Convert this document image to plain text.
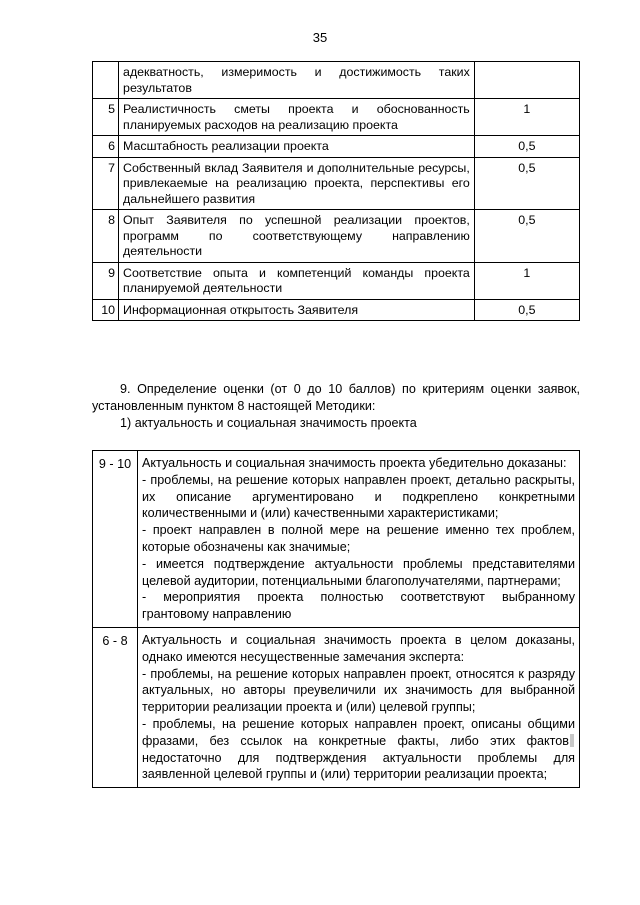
35
	адекватность, измеримость и достижимость таких результатов	
5	Реалистичность сметы проекта и обоснованность планируемых расходов на реализацию проекта	1
6	Масштабность реализации проекта	0,5
7	Собственный вклад Заявителя и дополнительные ресурсы, привлекаемые на реализацию проекта, перспективы его дальнейшего развития	0,5
8	Опыт Заявителя по успешной реализации проектов, программ по соответствующему направлению деятельности	0,5
9	Соответствие опыта и компетенций команды проекта планируемой деятельности	1
10	Информационная открытость Заявителя	0,5
9. Определение оценки (от 0 до 10 баллов) по критериям оценки заявок, установленным пунктом 8 настоящей Методики:
1) актуальность и социальная значимость проекта
9 - 10	Актуальность и социальная значимость проекта убедительно доказаны:
- проблемы, на решение которых направлен проект, детально раскрыты, их описание аргументировано и подкреплено конкретными количественными и (или) качественными характеристиками;
- проект направлен в полной мере на решение именно тех проблем, которые обозначены как значимые;
- имеется подтверждение актуальности проблемы представителями целевой аудитории, потенциальными благополучателями, партнерами;
- мероприятия проекта полностью соответствуют выбранному грантовому направлению

6 - 8	Актуальность и социальная значимость проекта в целом доказаны, однако имеются несущественные замечания эксперта:
- проблемы, на решение которых направлен проект, относятся к разряду актуальных, но авторы преувеличили их значимость для выбранной территории реализации проекта и (или) целевой группы;
- проблемы, на решение которых направлен проект, описаны общими фразами, без ссылок на конкретные факты, либо этих фактовнедостаточно для подтверждения актуальности проблемы для заявленной целевой группы и (или) территории реализации проекта;
